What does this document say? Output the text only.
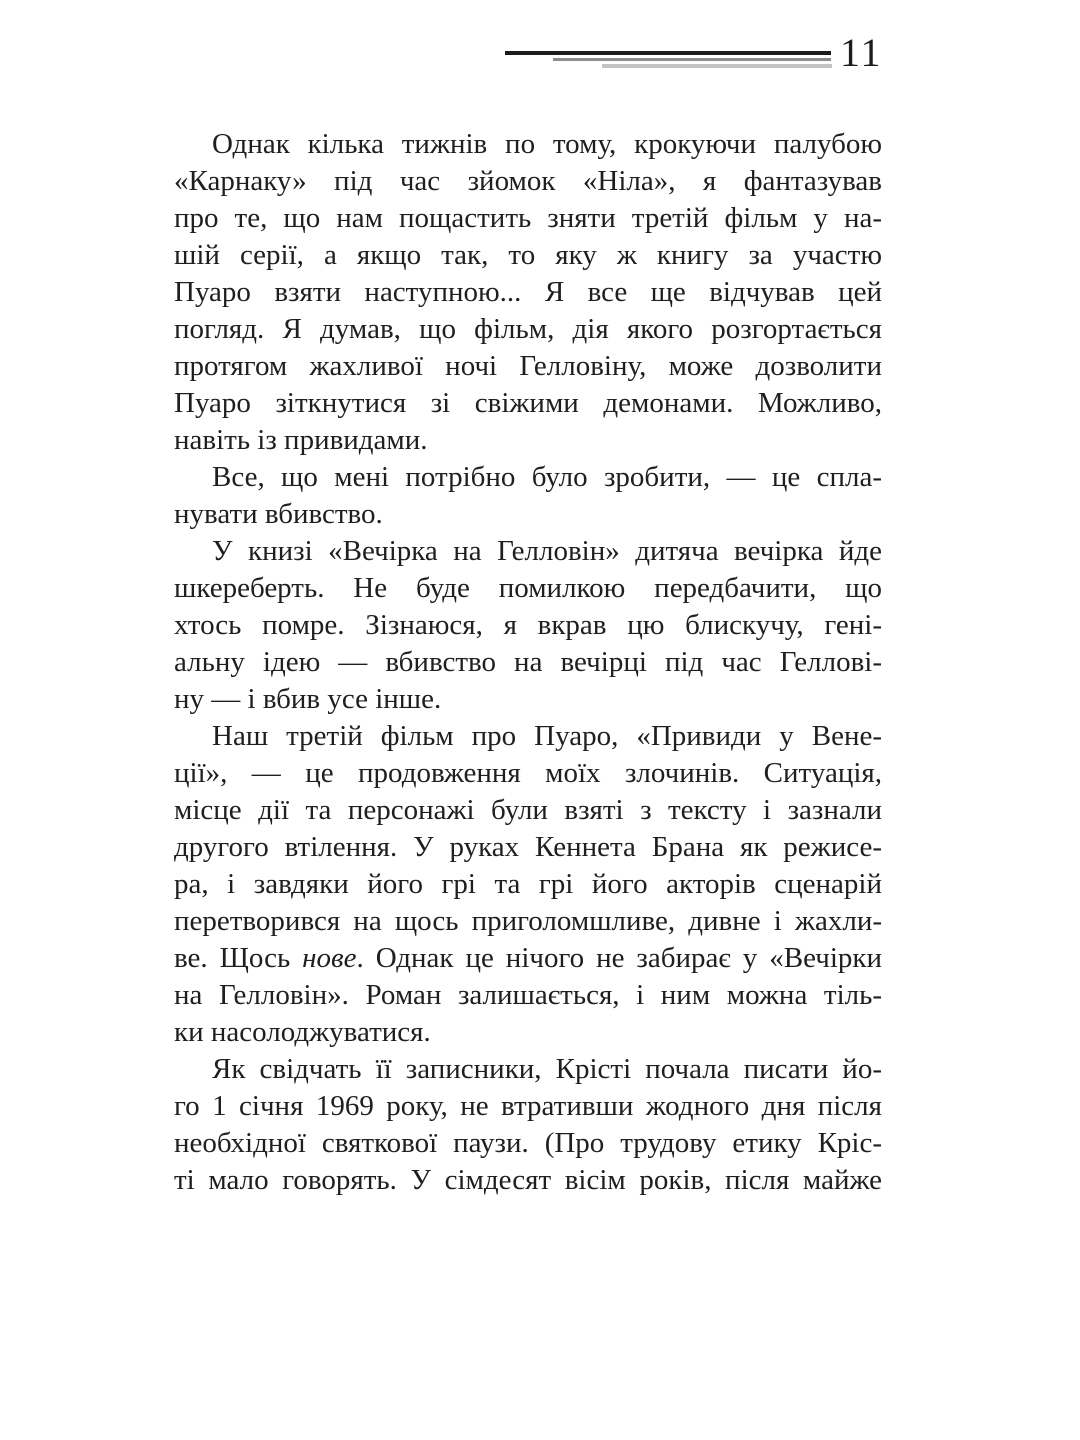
11
Однак кілька тижнів по тому, крокуючи палубою
«Карнаку» під час зйомок «Ніла», я фантазував
про те, що нам пощастить зняти третій фільм у на-
шій серії, а якщо так, то яку ж книгу за участю
Пуаро взяти наступною... Я все ще відчував цей
погляд. Я думав, що фільм, дія якого розгортається
протягом жахливої ночі Гелловіну, може дозволити
Пуаро зіткнутися зі свіжими демонами. Можливо,
навіть із привидами.
Все, що мені потрібно було зробити, — це спла-
нувати вбивство.
У книзі «Вечірка на Гелловін» дитяча вечірка йде
шкереберть. Не буде помилкою передбачити, що
хтось помре. Зізнаюся, я вкрав цю блискучу, гені-
альну ідею — вбивство на вечірці під час Геллові-
ну — і вбив усе інше.
Наш третій фільм про Пуаро, «Привиди у Вене-
ції», — це продовження моїх злочинів. Ситуація,
місце дії та персонажі були взяті з тексту і зазнали
другого втілення. У руках Кеннета Брана як режисе-
ра, і завдяки його грі та грі його акторів сценарій
перетворився на щось приголомшливе, дивне і жахли-
ве. Щось нове. Однак це нічого не забирає у «Вечірки
на Гелловін». Роман залишається, і ним можна тіль-
ки насолоджуватися.
Як свідчать її записники, Крісті почала писати йо-
го 1 січня 1969 року, не втративши жодного дня після
необхідної святкової паузи. (Про трудову етику Кріс-
ті мало говорять. У сімдесят вісім років, після майже
